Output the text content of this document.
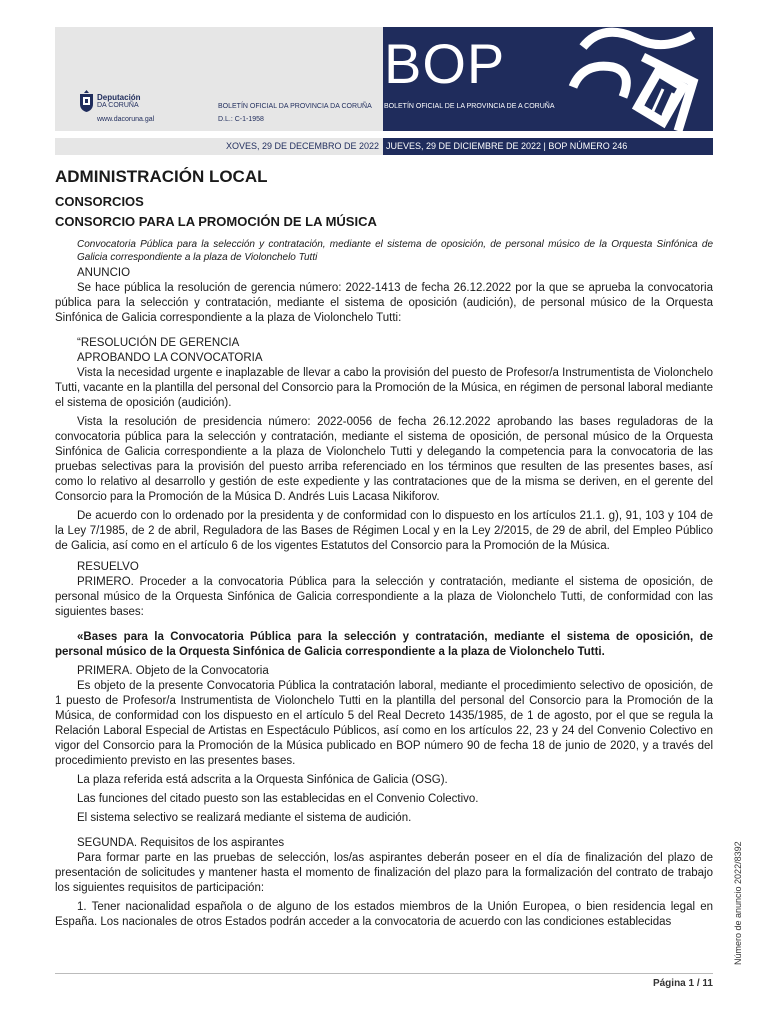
BOP
Deputación
DA CORUÑA
www.dacoruna.gal
BOLETÍN OFICIAL DA PROVINCIA DA CORUÑA
D.L.: C-1-1958
BOLETÍN OFICIAL DE LA PROVINCIA DE A CORUÑA
XOVES, 29 DE DECEMBRO DE 2022 JUEVES, 29 DE DICIEMBRE DE 2022 | BOP NÚMERO 246
ADMINISTRACIÓN LOCAL
CONSORCIOS
CONSORCIO PARA LA PROMOCIÓN DE LA MÚSICA
Convocatoria Pública para la selección y contratación, mediante el sistema de oposición, de personal músico de la Orquesta Sinfónica de Galicia correspondiente a la plaza de Violonchelo Tutti
ANUNCIO

Se hace pública la resolución de gerencia número: 2022-1413 de fecha 26.12.2022 por la que se aprueba la convocatoria pública para la selección y contratación, mediante el sistema de oposición (audición), de personal músico de la Orquesta Sinfónica de Galicia correspondiente a la plaza de Violonchelo Tutti:

“RESOLUCIÓN DE GERENCIA
APROBANDO LA CONVOCATORIA

Vista la necesidad urgente e inaplazable de llevar a cabo la provisión del puesto de Profesor/a Instrumentista de Violonchelo Tutti, vacante en la plantilla del personal del Consorcio para la Promoción de la Música, en régimen de personal laboral mediante el sistema de oposición (audición).

Vista la resolución de presidencia número: 2022-0056 de fecha 26.12.2022 aprobando las bases reguladoras de la convocatoria pública para la selección y contratación, mediante el sistema de oposición, de personal músico de la Orquesta Sinfónica de Galicia correspondiente a la plaza de Violonchelo Tutti y delegando la competencia para la convocatoria de las pruebas selectivas para la provisión del puesto arriba referenciado en los términos que resulten de las presentes bases, así como lo relativo al desarrollo y gestión de este expediente y las contrataciones que de la misma se deriven, en el gerente del Consorcio para la Promoción de la Música D. Andrés Luis Lacasa Nikiforov.

De acuerdo con lo ordenado por la presidenta y de conformidad con lo dispuesto en los artículos 21.1. g), 91, 103 y 104 de la Ley 7/1985, de 2 de abril, Reguladora de las Bases de Régimen Local y en la Ley 2/2015, de 29 de abril, del Empleo Público de Galicia, así como en el artículo 6 de los vigentes Estatutos del Consorcio para la Promoción de la Música.

RESUELVO

PRIMERO. Proceder a la convocatoria Pública para la selección y contratación, mediante el sistema de oposición, de personal músico de la Orquesta Sinfónica de Galicia correspondiente a la plaza de Violonchelo Tutti, de conformidad con las siguientes bases:

«Bases para la Convocatoria Pública para la selección y contratación, mediante el sistema de oposición, de personal músico de la Orquesta Sinfónica de Galicia correspondiente a la plaza de Violonchelo Tutti.

PRIMERA. Objeto de la Convocatoria

Es objeto de la presente Convocatoria Pública la contratación laboral, mediante el procedimiento selectivo de oposición, de 1 puesto de Profesor/a Instrumentista de Violonchelo Tutti en la plantilla del personal del Consorcio para la Promoción de la Música, de conformidad con los dispuesto en el artículo 5 del Real Decreto 1435/1985, de 1 de agosto, por el que se regula la Relación Laboral Especial de Artistas en Espectáculo Públicos, así como en los artículos 22, 23 y 24 del Convenio Colectivo en vigor del Consorcio para la Promoción de la Música publicado en BOP número 90 de fecha 18 de junio de 2020, y a través del procedimiento previsto en las presentes bases.

La plaza referida está adscrita a la Orquesta Sinfónica de Galicia (OSG).

Las funciones del citado puesto son las establecidas en el Convenio Colectivo.

El sistema selectivo se realizará mediante el sistema de audición.

SEGUNDA. Requisitos de los aspirantes

Para formar parte en las pruebas de selección, los/as aspirantes deberán poseer en el día de finalización del plazo de presentación de solicitudes y mantener hasta el momento de finalización del plazo para la formalización del contrato de trabajo los siguientes requisitos de participación:

1. Tener nacionalidad española o de alguno de los estados miembros de la Unión Europea, o bien residencia legal en España. Los nacionales de otros Estados podrán acceder a la convocatoria de acuerdo con las condiciones establecidas	Número de anuncio 2022/8392
Página 1 / 11
